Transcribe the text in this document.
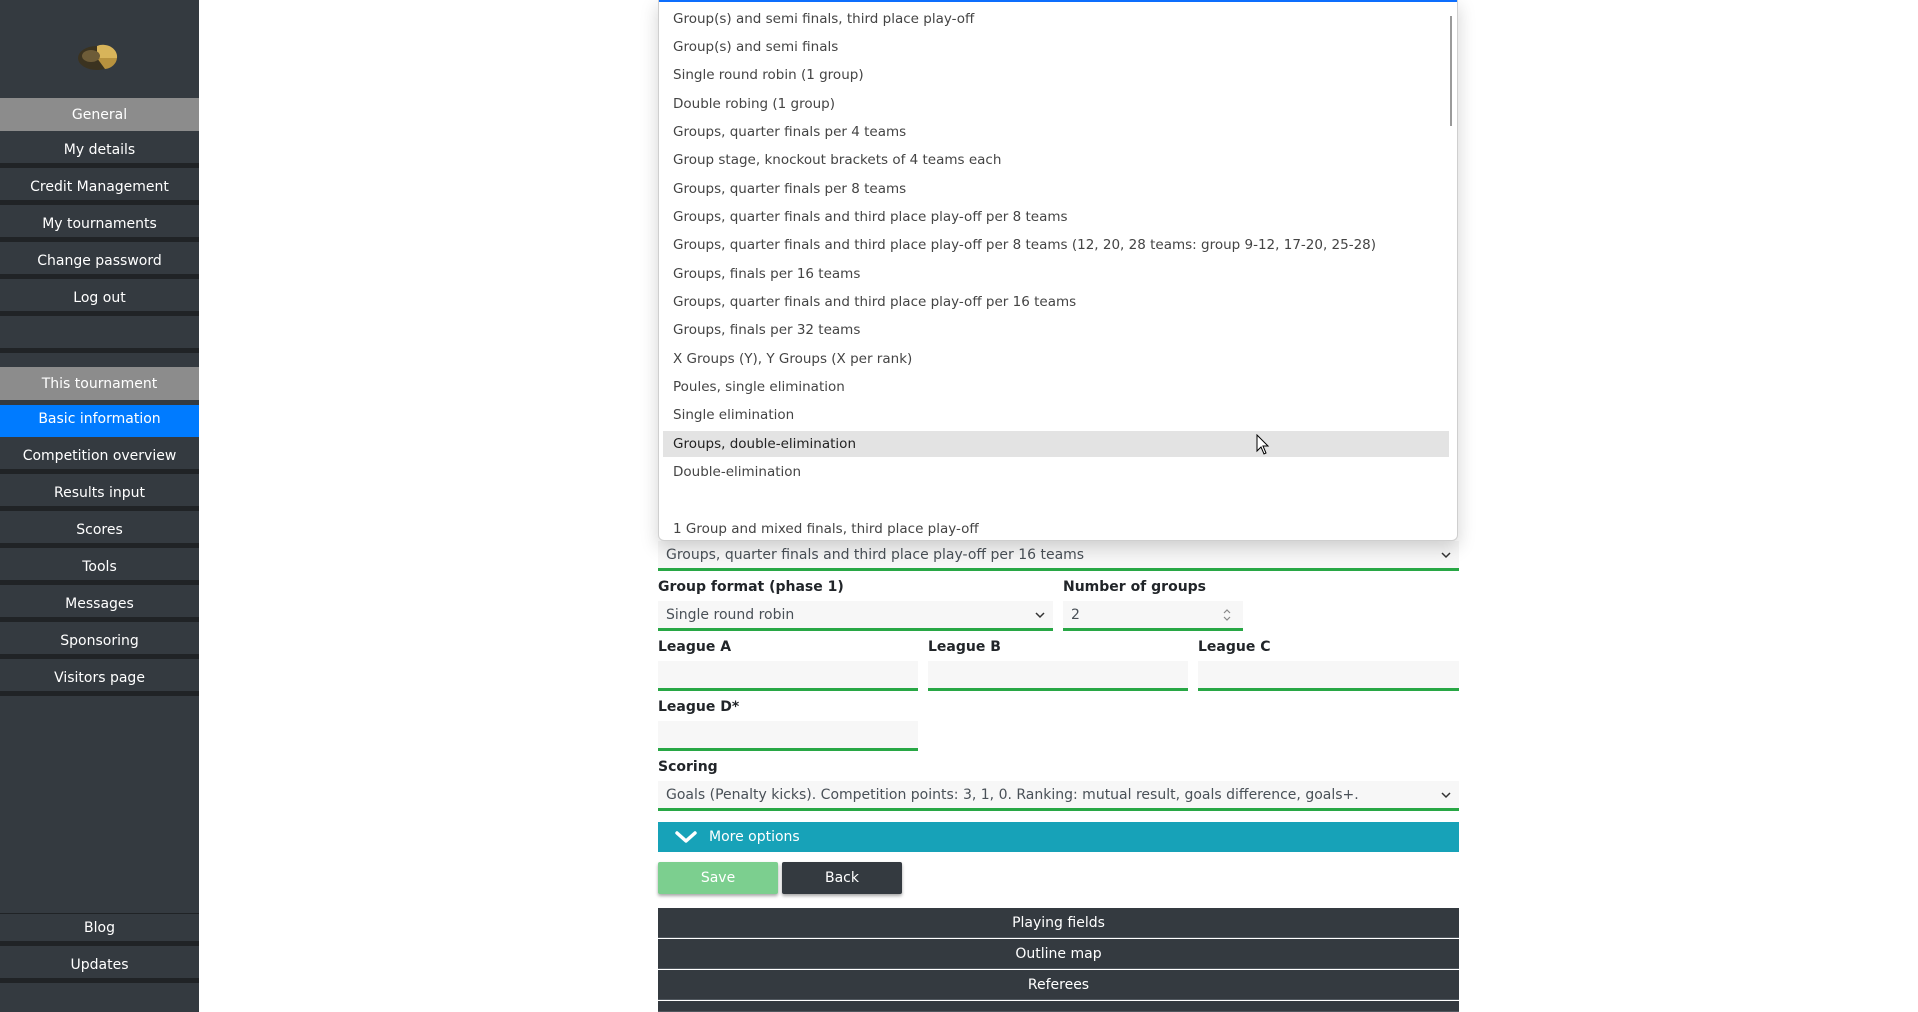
General
My details
Credit Management
My tournaments
Change password
Log out
This tournament
Basic information
Competition overview
Results input
Scores
Tools
Messages
Sponsoring
Visitors page
Blog
Updates
Groups, quarter finals and third place play-off per 16 teams
Group format (phase 1)
Single round robin
Number of groups
2
League A	League B	League C
League D*
Scoring
Goals (Penalty kicks). Competition points: 3, 1, 0. Ranking: mutual result, goals difference, goals+.
More options
Save	Back
Playing fields
Outline map
Referees
Group(s) and semi finals, third place play-off
Group(s) and semi finals
Single round robin (1 group)
Double robing (1 group)
Groups, quarter finals per 4 teams
Group stage, knockout brackets of 4 teams each
Groups, quarter finals per 8 teams
Groups, quarter finals and third place play-off per 8 teams
Groups, quarter finals and third place play-off per 8 teams (12, 20, 28 teams: group 9-12, 17-20, 25-28)
Groups, finals per 16 teams
Groups, quarter finals and third place play-off per 16 teams
Groups, finals per 32 teams
X Groups (Y), Y Groups (X per rank)
Poules, single elimination
Single elimination
Groups, double-elimination
Double-elimination
1 Group and mixed finals, third place play-off
